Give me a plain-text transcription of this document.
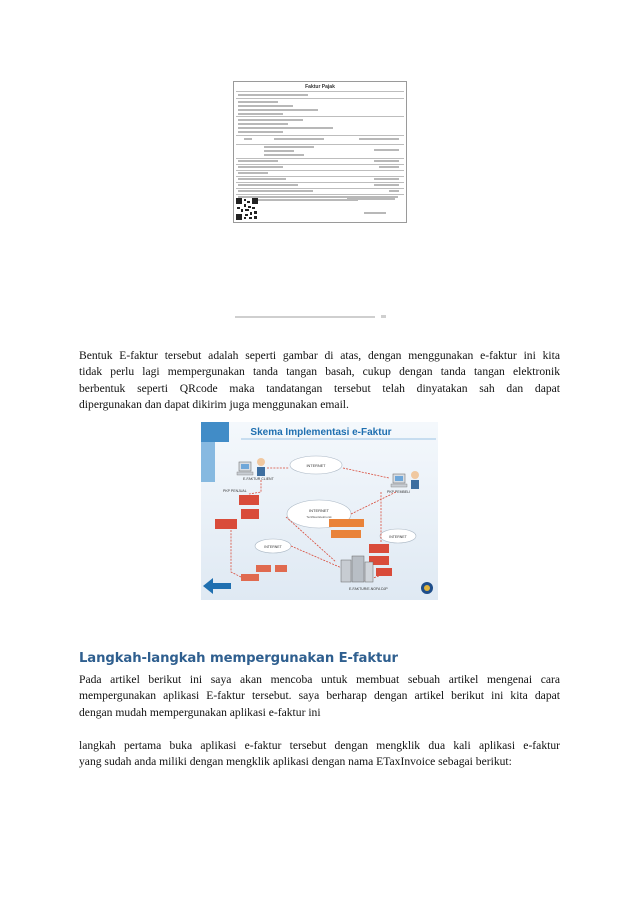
Faktur Pajak

Bentuk E-faktur tersebut adalah seperti gambar di atas, dengan menggunakan e-faktur ini kita
tidak perlu lagi mempergunakan tanda tangan basah, cukup dengan tanda tangan elektronik
berbentuk seperti QRcode maka tandatangan tersebut telah dinyatakan sah dan dapat
dipergunakan dan dapat dikirim juga menggunakan email.

Skema Implementasi e-Faktur
PKP PENJUAL
E-FAKTUR CLIENT
INTERNET
INTERNET
Tertifikat Elektronik
INTERNET
INTERNET
PKP PEMBELI
E-FAKTUR/E-NOFA DJP
Langkah-langkah mempergunakan E-faktur

Pada artikel berikut ini saya akan mencoba untuk membuat sebuah artikel mengenai cara
mempergunakan aplikasi E-faktur tersebut. saya berharap dengan artikel berikut ini kita dapat
dengan mudah mempergunakan aplikasi e-faktur ini

langkah pertama buka aplikasi e-faktur tersebut dengan mengklik dua kali aplikasi e-faktur
yang sudah anda miliki dengan mengklik aplikasi dengan nama ETaxInvoice sebagai berikut:
